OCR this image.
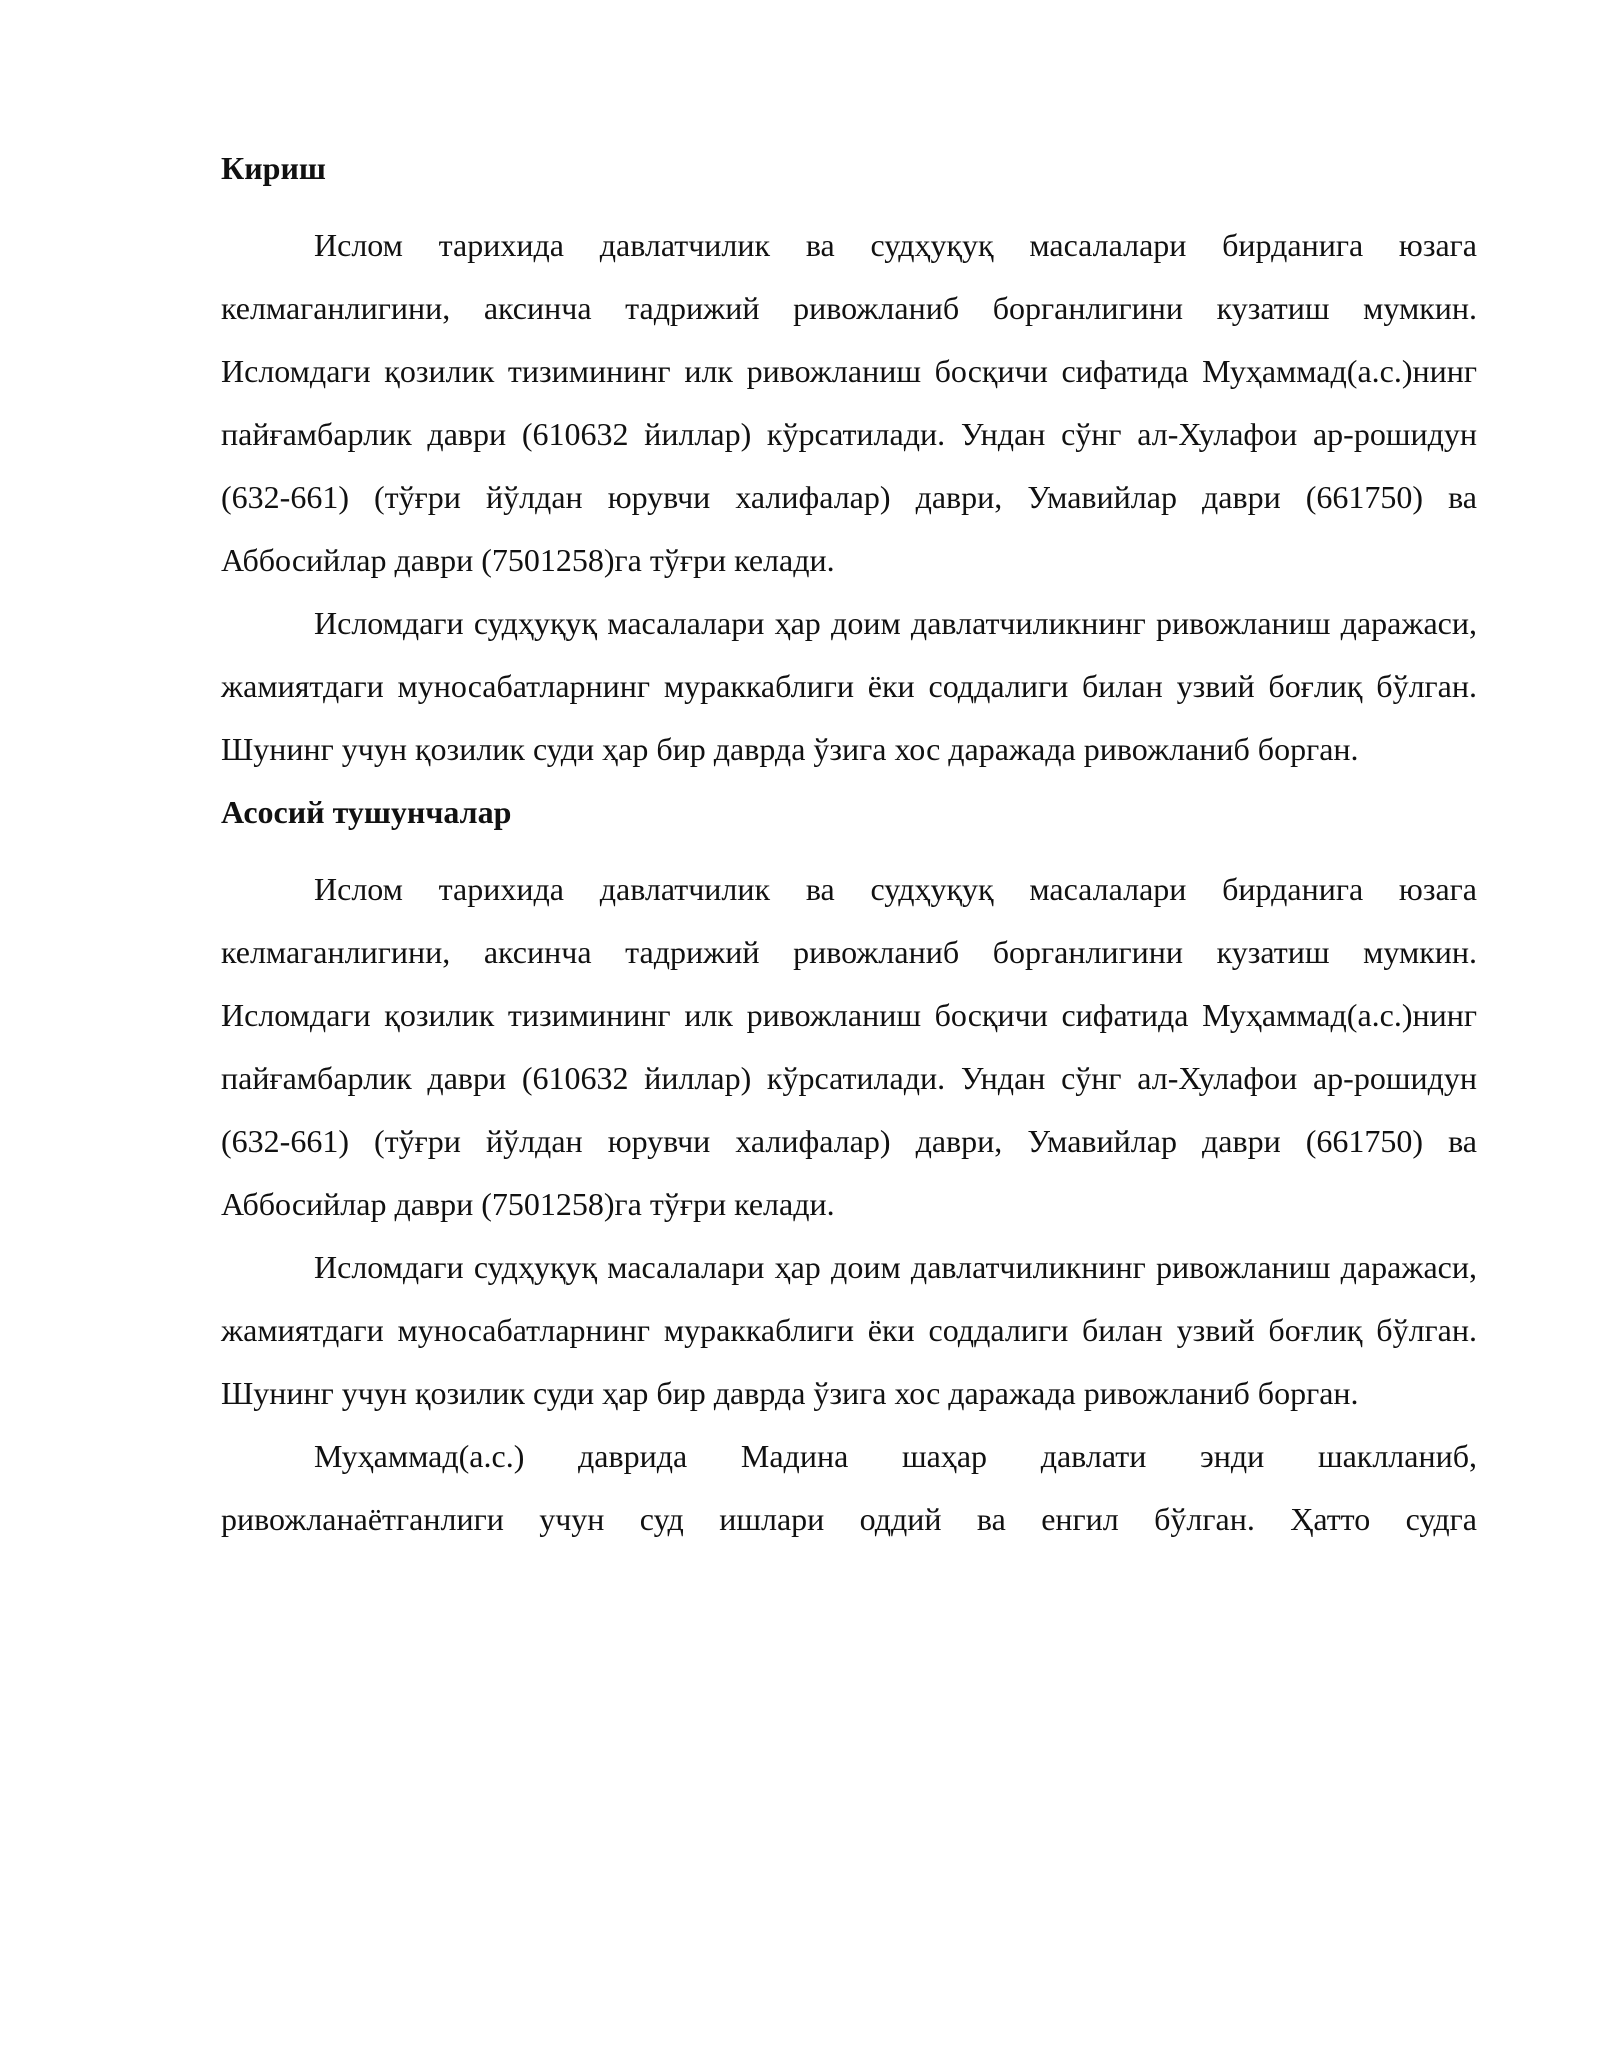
Кириш

Ислом тарихида давлатчилик ва судҳуқуқ масалалари бирданига юзага келмаганлигини, аксинча тадрижий ривожланиб борганлигини кузатиш мумкин. Исломдаги қозилик тизимининг илк ривожланиш босқичи сифатида Муҳаммад(а.с.)нинг пайғамбарлик даври (610632 йиллар) кўрсатилади. Ундан сўнг ал-Хулафои ар-рошидун (632-661) (тўғри йўлдан юрувчи халифалар) даври, Умавийлар даври (661750) ва Аббосийлар даври (7501258)га тўғри келади.

Исломдаги судҳуқуқ масалалари ҳар доим давлатчиликнинг ривожланиш даражаси, жамиятдаги муносабатларнинг мураккаблиги ёки соддалиги билан узвий боғлиқ бўлган. Шунинг учун қозилик суди ҳар бир даврда ўзига хос даражада ривожланиб борган.

Асосий тушунчалар

Ислом тарихида давлатчилик ва судҳуқуқ масалалари бирданига юзага келмаганлигини, аксинча тадрижий ривожланиб борганлигини кузатиш мумкин. Исломдаги қозилик тизимининг илк ривожланиш босқичи сифатида Муҳаммад(а.с.)нинг пайғамбарлик даври (610632 йиллар) кўрсатилади. Ундан сўнг ал-Хулафои ар-рошидун (632-661) (тўғри йўлдан юрувчи халифалар) даври, Умавийлар даври (661750) ва Аббосийлар даври (7501258)га тўғри келади.

Исломдаги судҳуқуқ масалалари ҳар доим давлатчиликнинг ривожланиш даражаси, жамиятдаги муносабатларнинг мураккаблиги ёки соддалиги билан узвий боғлиқ бўлган. Шунинг учун қозилик суди ҳар бир даврда ўзига хос даражада ривожланиб борган.

Муҳаммад(а.с.) даврида Мадина шаҳар давлати энди шаклланиб, ривожланаётганлиги учун суд ишлари оддий ва енгил бўлган. Ҳатто судга
